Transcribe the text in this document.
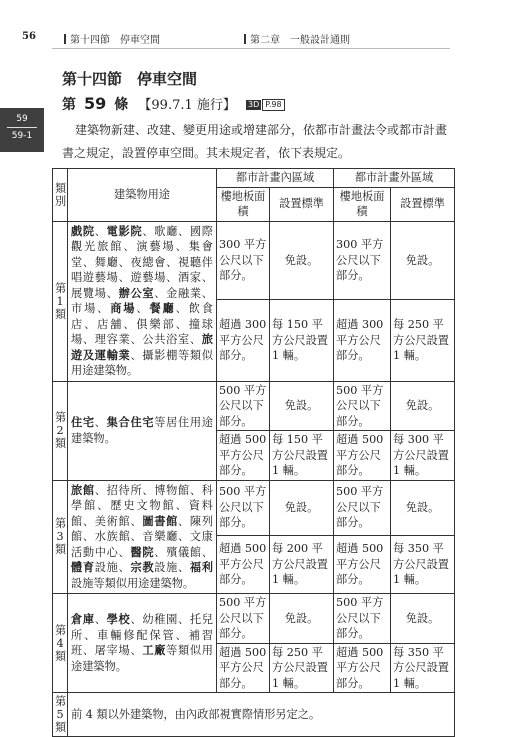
56	第十四節　停車空間	第二章　一般設計通則
59
59-1
第十四節　停車空間
第 59 條 【99.7.1 施行】 3D P.98
建築物新建、改建、變更用途或增建部分，依都市計畫法令或都市計畫書之規定，設置停車空間。其未規定者，依下表規定。
類別	建築物用途	都市計畫內區域		都市計畫外區域	
		樓地板面積	設置標準	樓地板面積	設置標準

第1類	戲院、電影院、歌廳、國際觀光旅館、演藝場、集會堂、舞廳、夜總會、視聽伴唱遊藝場、遊藝場、酒家、展覽場、辦公室、金融業、市場、商場、餐廳、飲食店、店舖、俱樂部、撞球場、理容業、公共浴室、旅遊及運輸業、攝影棚等類似用途建築物。	300 平方公尺以下部分。	免設。	300 平方公尺以下部分。	免設。
		超過 300 平方公尺部分。	每 150 平方公尺設置 1 輛。	超過 300 平方公尺部分。	每 250 平方公尺設置 1 輛。

第2類	住宅、集合住宅等居住用途建築物。	500 平方公尺以下部分。	免設。	500 平方公尺以下部分。	免設。
		超過 500 平方公尺部分。	每 150 平方公尺設置 1 輛。	超過 500 平方公尺部分。	每 300 平方公尺設置 1 輛。

第3類	旅館、招待所、博物館、科學館、歷史文物館、資料館、美術館、圖書館、陳列館、水族館、音樂廳、文康活動中心、醫院、殯儀館、體育設施、宗教設施、福利設施等類似用途建築物。	500 平方公尺以下部分。	免設。	500 平方公尺以下部分。	免設。
		超過 500 平方公尺部分。	每 200 平方公尺設置 1 輛。	超過 500 平方公尺部分。	每 350 平方公尺設置 1 輛。

第4類	倉庫、學校、幼稚園、托兒所、車輛修配保管、補習班、屠宰場、工廠等類似用途建築物。	500 平方公尺以下部分。	免設。	500 平方公尺以下部分。	免設。
		超過 500 平方公尺部分。	每 250 平方公尺設置 1 輛。	超過 500 平方公尺部分。	每 350 平方公尺設置 1 輛。

第5類	前 4 類以外建築物，由內政部視實際情形另定之。				
